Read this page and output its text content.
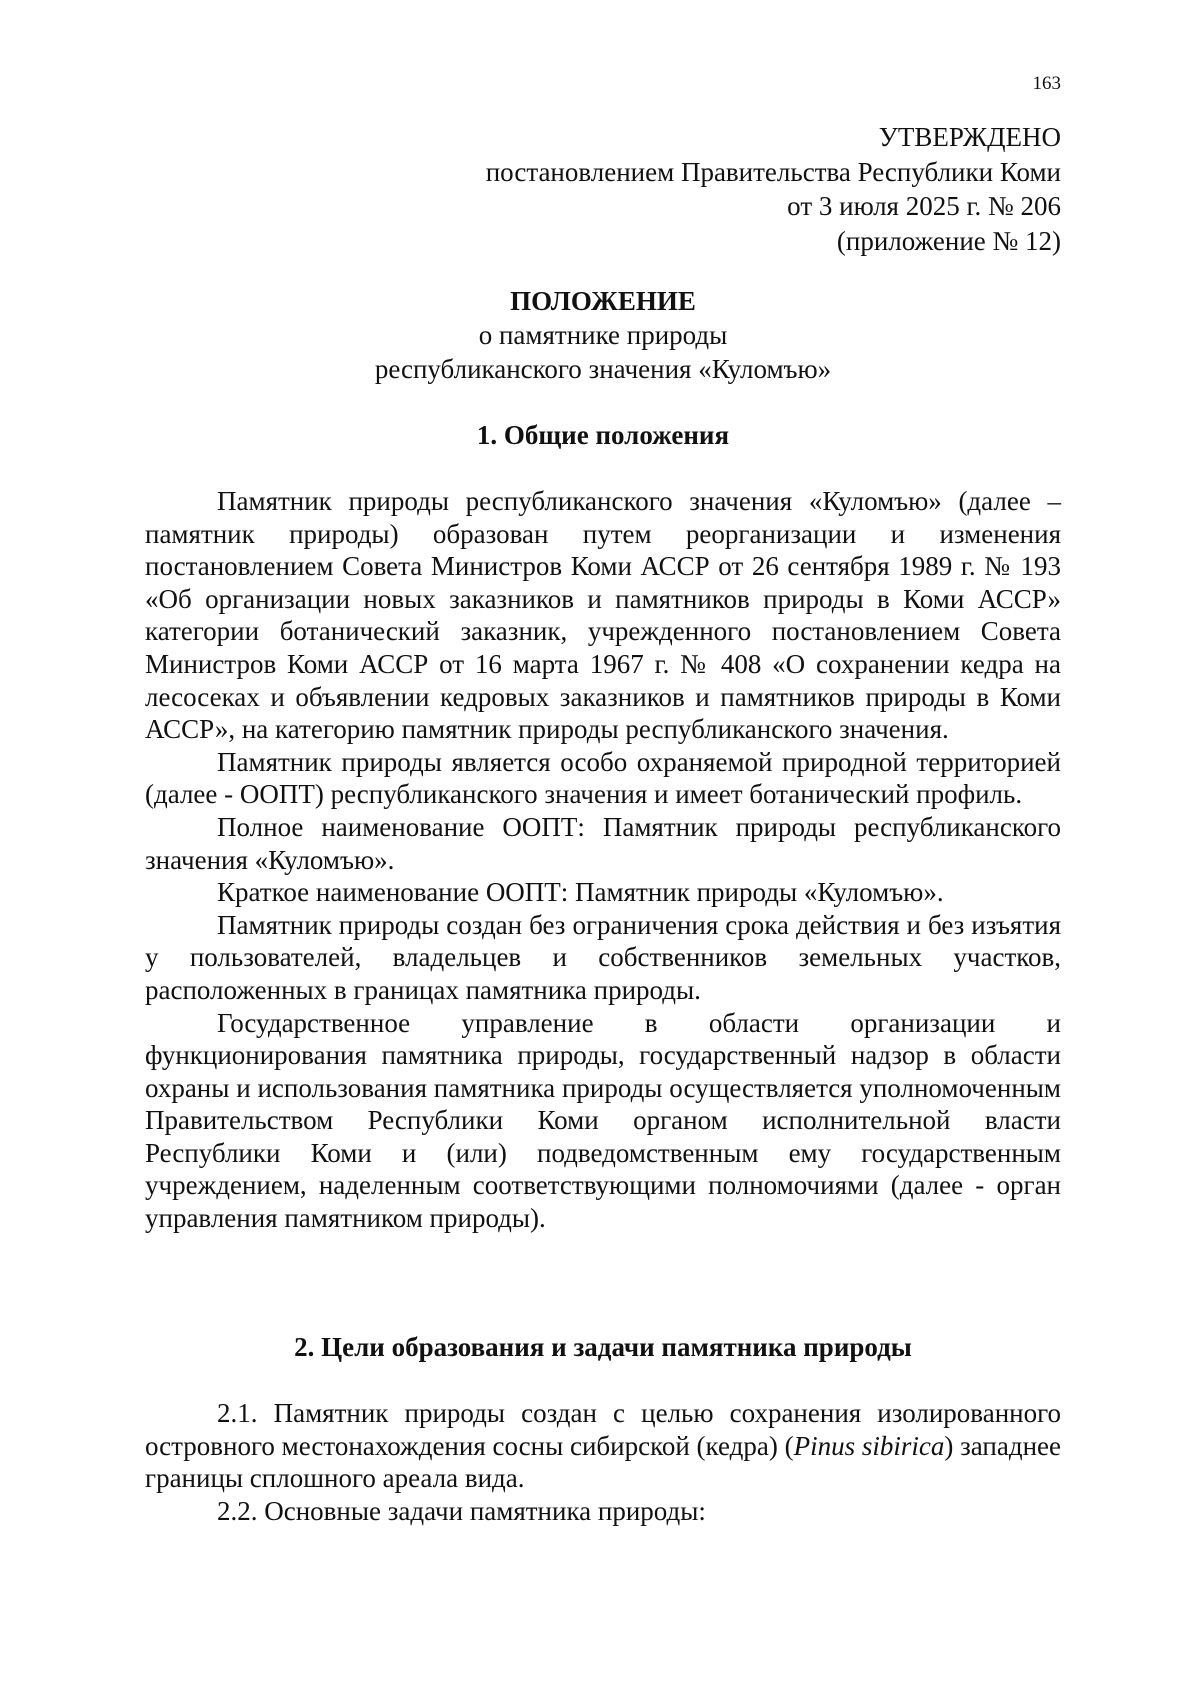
163
УТВЕРЖДЕНО
постановлением Правительства Республики Коми
от 3 июля 2025 г. № 206
(приложение № 12)
ПОЛОЖЕНИЕ
о памятнике природы
республиканского значения «Куломъю»
1. Общие положения

Памятник природы республиканского значения «Куломъю» (далее – памятник природы) образован путем реорганизации и изменения постановлением Совета Министров Коми АССР от 26 сентября 1989 г. № 193 «Об организации новых заказников и памятников природы в Коми АССР» категории ботанический заказник, учрежденного постановлением Совета Министров Коми АССР от 16 марта 1967 г. № 408 «О сохранении кедра на лесосеках и объявлении кедровых заказников и памятников природы в Коми АССР», на категорию памятник природы республиканского значения.

Памятник природы является особо охраняемой природной территорией (далее - ООПТ) республиканского значения и имеет ботанический профиль.

Полное наименование ООПТ: Памятник природы республиканского значения «Куломъю».

Краткое наименование ООПТ: Памятник природы «Куломъю».

Памятник природы создан без ограничения срока действия и без изъятия у пользователей, владельцев и собственников земельных участков, расположенных в границах памятника природы.

Государственное управление в области организации и функционирования памятника природы, государственный надзор в области охраны и использования памятника природы осуществляется уполномоченным Правительством Республики Коми органом исполнительной власти Республики Коми и (или) подведомственным ему государственным учреждением, наделенным соответствующими полномочиями (далее - орган управления памятником природы).

2. Цели образования и задачи памятника природы

2.1. Памятник природы создан с целью сохранения изолированного островного местонахождения сосны сибирской (кедра) (Pinus sibirica) западнее границы сплошного ареала вида.

2.2. Основные задачи памятника природы:
